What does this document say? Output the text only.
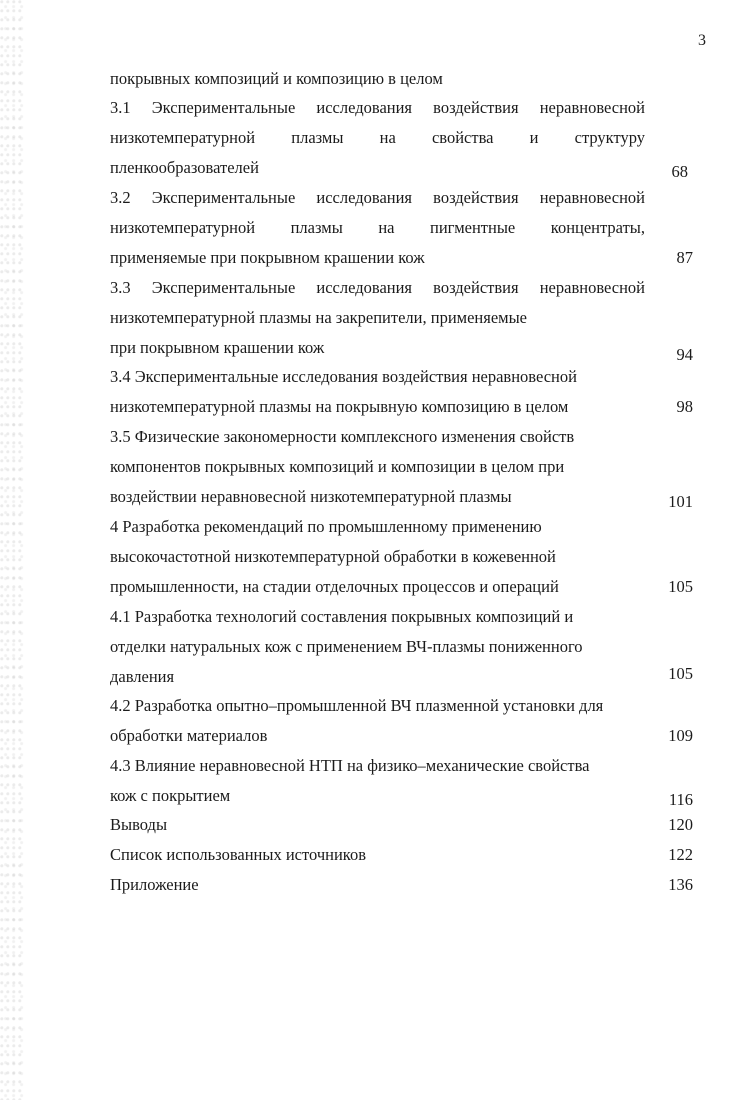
3
покрывных композиций и композицию в целом
3.1 Экспериментальные исследования воздействия неравновесной
низкотемпературной плазмы на свойства и структуру
пленкообразователей	68
3.2 Экспериментальные исследования воздействия неравновесной
низкотемпературной плазмы на пигментные концентраты,
применяемые при покрывном крашении кож	87
3.3 Экспериментальные исследования воздействия неравновесной
низкотемпературной плазмы на закрепители, применяемые
при покрывном крашении кож	94
3.4 Экспериментальные исследования воздействия неравновесной
низкотемпературной плазмы на покрывную композицию в целом	98
3.5 Физические закономерности комплексного изменения свойств
компонентов покрывных композиций и композиции в целом при
воздействии неравновесной низкотемпературной плазмы	101
4 Разработка рекомендаций по промышленному применению
высокочастотной низкотемпературной обработки в кожевенной
промышленности, на стадии отделочных процессов и операций	105
4.1 Разработка технологий составления покрывных композиций и
отделки натуральных кож с применением ВЧ-плазмы пониженного
давления	105
4.2 Разработка опытно–промышленной ВЧ плазменной установки для
обработки материалов	109
4.3 Влияние неравновесной НТП на физико–механические свойства
кож с покрытием	116
Выводы	120
Список использованных источников	122
Приложение	136
